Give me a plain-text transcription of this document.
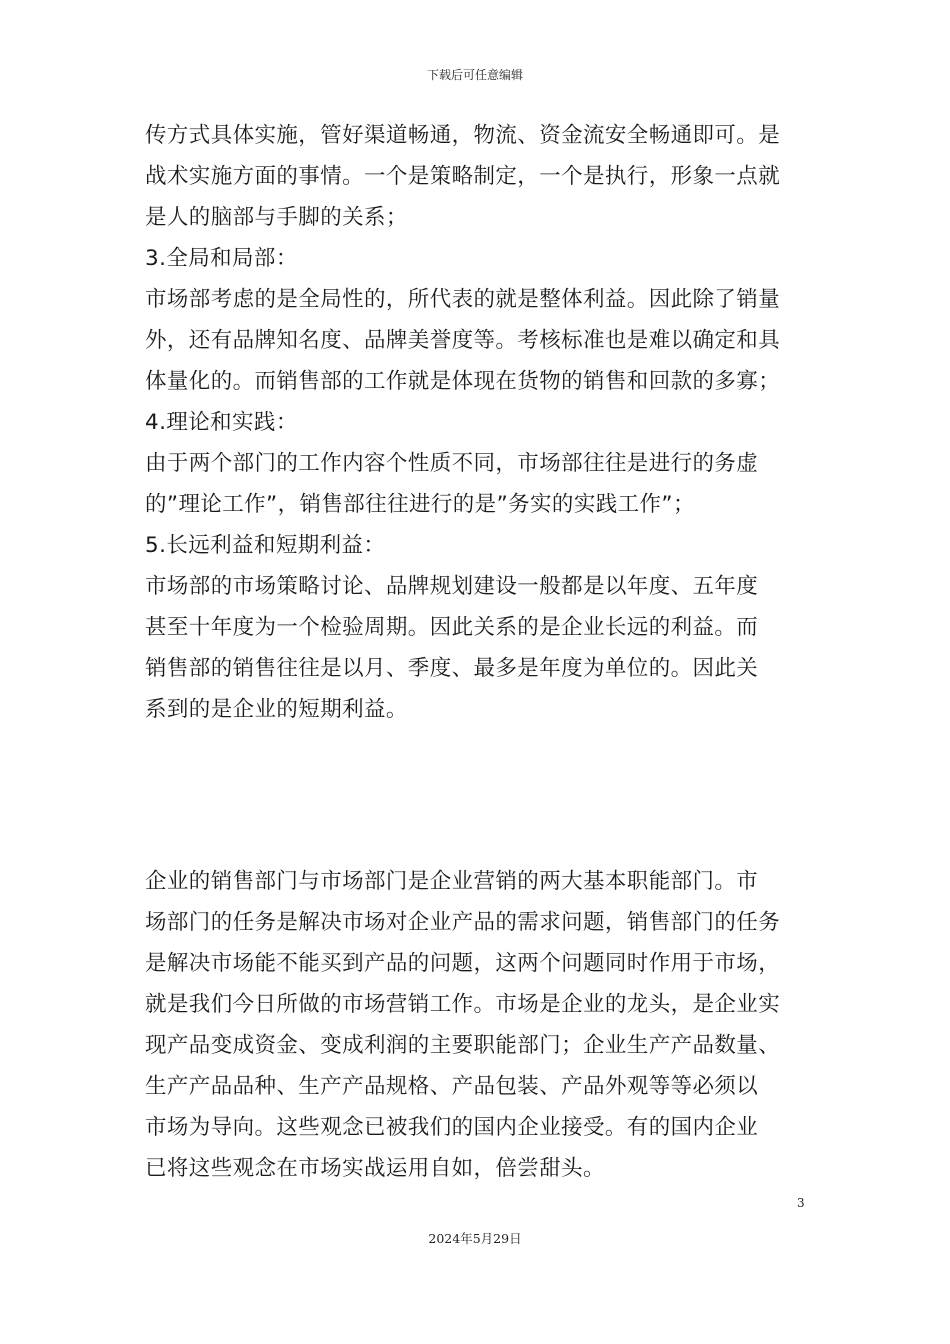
下载后可任意编辑

传方式具体实施，管好渠道畅通，物流、资金流安全畅通即可。是

战术实施方面的事情。一个是策略制定，一个是执行，形象一点就

是人的脑部与手脚的关系；

3.全局和局部：

市场部考虑的是全局性的，所代表的就是整体利益。因此除了销量

外，还有品牌知名度、品牌美誉度等。考核标准也是难以确定和具

体量化的。而销售部的工作就是体现在货物的销售和回款的多寡；

4.理论和实践：

由于两个部门的工作内容个性质不同，市场部往往是进行的务虚

的”理论工作”，销售部往往进行的是”务实的实践工作”；

5.长远利益和短期利益：

市场部的市场策略讨论、品牌规划建设一般都是以年度、五年度

甚至十年度为一个检验周期。因此关系的是企业长远的利益。而

销售部的销售往往是以月、季度、最多是年度为单位的。因此关

系到的是企业的短期利益。

企业的销售部门与市场部门是企业营销的两大基本职能部门。市

场部门的任务是解决市场对企业产品的需求问题，销售部门的任务

是解决市场能不能买到产品的问题，这两个问题同时作用于市场，

就是我们今日所做的市场营销工作。市场是企业的龙头，是企业实

现产品变成资金、变成利润的主要职能部门；企业生产产品数量、

生产产品品种、生产产品规格、产品包装、产品外观等等必须以

市场为导向。这些观念已被我们的国内企业接受。有的国内企业

已将这些观念在市场实战运用自如，倍尝甜头。

3
2024年5月29日
